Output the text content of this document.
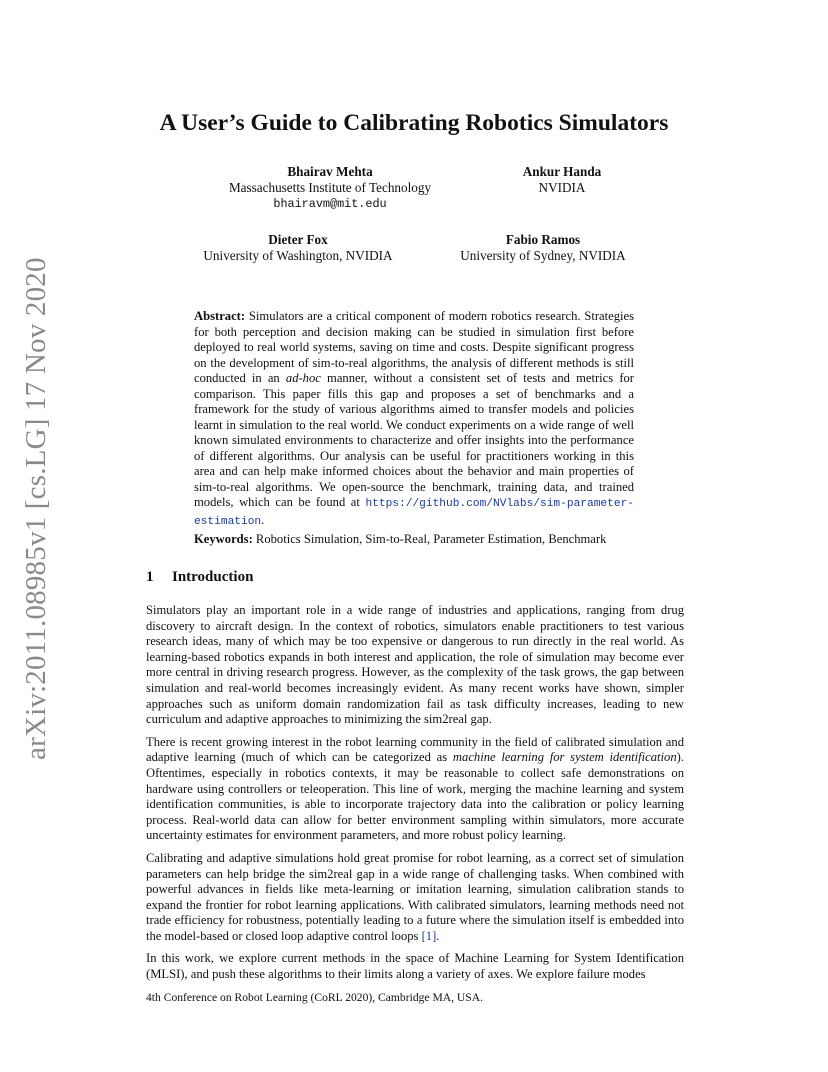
arXiv:2011.08985v1 [cs.LG] 17 Nov 2020
A User’s Guide to Calibrating Robotics Simulators
Bhairav Mehta
Massachusetts Institute of Technology
bhairavm@mit.edu
Ankur Handa
NVIDIA
Dieter Fox
University of Washington, NVIDIA
Fabio Ramos
University of Sydney, NVIDIA
Abstract: Simulators are a critical component of modern robotics research. Strategies for both perception and decision making can be studied in simulation first before deployed to real world systems, saving on time and costs. Despite significant progress on the development of sim-to-real algorithms, the analysis of different methods is still conducted in an ad-hoc manner, without a consistent set of tests and metrics for comparison. This paper fills this gap and proposes a set of benchmarks and a framework for the study of various algorithms aimed to transfer models and policies learnt in simulation to the real world. We conduct experiments on a wide range of well known simulated environments to characterize and offer insights into the performance of different algorithms. Our analysis can be useful for practitioners working in this area and can help make informed choices about the behavior and main properties of sim-to-real algorithms. We open-source the benchmark, training data, and trained models, which can be found at https://github.com/NVlabs/sim-parameter-estimation.
Keywords: Robotics Simulation, Sim-to-Real, Parameter Estimation, Benchmark
1 Introduction

Simulators play an important role in a wide range of industries and applications, ranging from drug discovery to aircraft design. In the context of robotics, simulators enable practitioners to test various research ideas, many of which may be too expensive or dangerous to run directly in the real world. As learning-based robotics expands in both interest and application, the role of simulation may become ever more central in driving research progress. However, as the complexity of the task grows, the gap between simulation and real-world becomes increasingly evident. As many recent works have shown, simpler approaches such as uniform domain randomization fail as task difficulty increases, leading to new curriculum and adaptive approaches to minimizing the sim2real gap.

There is recent growing interest in the robot learning community in the field of calibrated simulation and adaptive learning (much of which can be categorized as machine learning for system identification). Oftentimes, especially in robotics contexts, it may be reasonable to collect safe demonstrations on hardware using controllers or teleoperation. This line of work, merging the machine learning and system identification communities, is able to incorporate trajectory data into the calibration or policy learning process. Real-world data can allow for better environment sampling within simulators, more accurate uncertainty estimates for environment parameters, and more robust policy learning.

Calibrating and adaptive simulations hold great promise for robot learning, as a correct set of simulation parameters can help bridge the sim2real gap in a wide range of challenging tasks. When combined with powerful advances in fields like meta-learning or imitation learning, simulation calibration stands to expand the frontier for robot learning applications. With calibrated simulators, learning methods need not trade efficiency for robustness, potentially leading to a future where the simulation itself is embedded into the model-based or closed loop adaptive control loops [1].

In this work, we explore current methods in the space of Machine Learning for System Identification (MLSI), and push these algorithms to their limits along a variety of axes. We explore failure modes

4th Conference on Robot Learning (CoRL 2020), Cambridge MA, USA.
